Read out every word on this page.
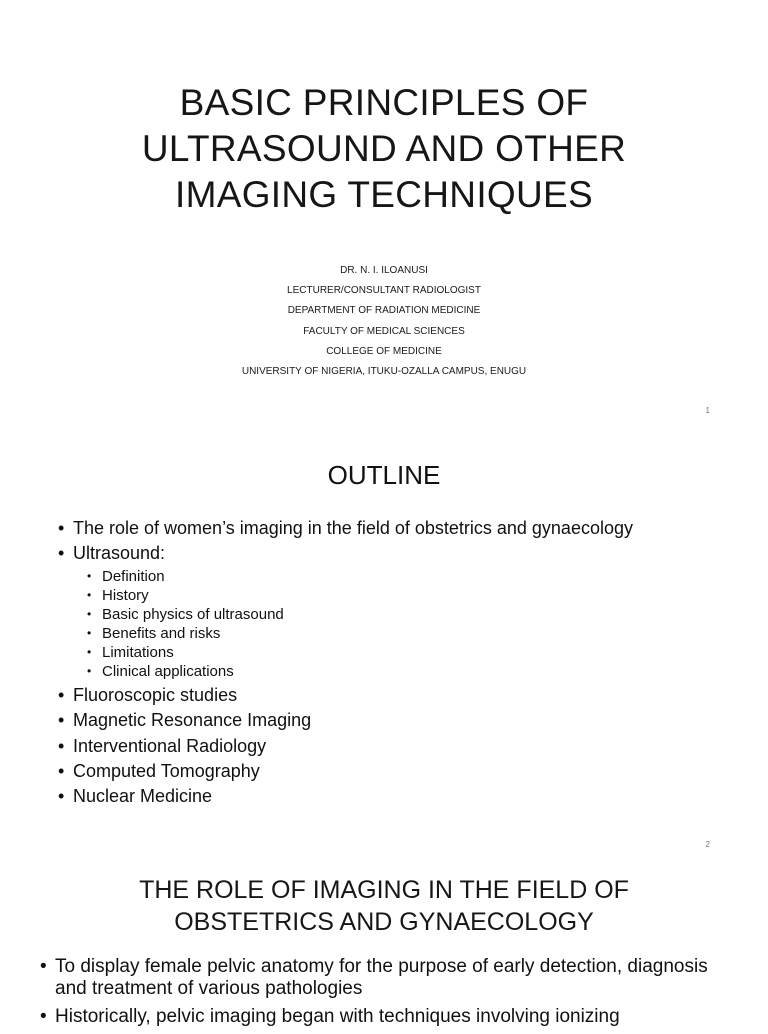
BASIC PRINCIPLES OF
ULTRASOUND AND OTHER
IMAGING TECHNIQUES
DR. N. I. ILOANUSI
LECTURER/CONSULTANT RADIOLOGIST
DEPARTMENT OF RADIATION MEDICINE
FACULTY OF MEDICAL SCIENCES
COLLEGE OF MEDICINE
UNIVERSITY OF NIGERIA, ITUKU-OZALLA CAMPUS, ENUGU
1
OUTLINE
• The role of women’s imaging in the field of obstetrics and gynaecology
• Ultrasound:
• Definition
• History
• Basic physics of ultrasound
• Benefits and risks
• Limitations
• Clinical applications
• Fluoroscopic studies
• Magnetic Resonance Imaging
• Interventional Radiology
• Computed Tomography
• Nuclear Medicine
2
THE ROLE OF IMAGING IN THE FIELD OF
OBSTETRICS AND GYNAECOLOGY
• To display female pelvic anatomy for the purpose of early detection, diagnosis and treatment of various pathologies
• Historically, pelvic imaging began with techniques involving ionizing
